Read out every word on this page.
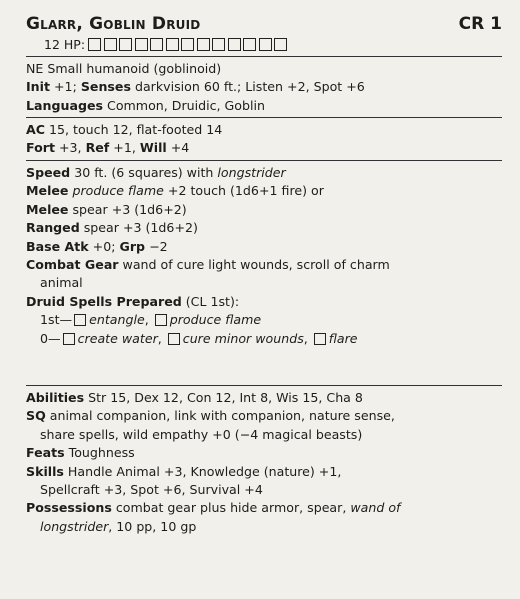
Glarr, Goblin Druid	CR 1
12 HP:
NE Small humanoid (goblinoid)
Init +1; Senses darkvision 60 ft.; Listen +2, Spot +6
Languages Common, Druidic, Goblin
AC 15, touch 12, flat-footed 14
Fort +3, Ref +1, Will +4
Speed 30 ft. (6 squares) with longstrider
Melee produce flame +2 touch (1d6+1 fire) or
Melee spear +3 (1d6+2)
Ranged spear +3 (1d6+2)
Base Atk +0; Grp −2
Combat Gear wand of cure light wounds, scroll of charm
animal
Druid Spells Prepared (CL 1st):
1st— entangle, produce flame
0— create water, cure minor wounds, flare
Abilities Str 15, Dex 12, Con 12, Int 8, Wis 15, Cha 8
SQ animal companion, link with companion, nature sense,
share spells, wild empathy +0 (−4 magical beasts)
Feats Toughness
Skills Handle Animal +3, Knowledge (nature) +1,
Spellcraft +3, Spot +6, Survival +4
Possessions combat gear plus hide armor, spear, wand of
longstrider, 10 pp, 10 gp
